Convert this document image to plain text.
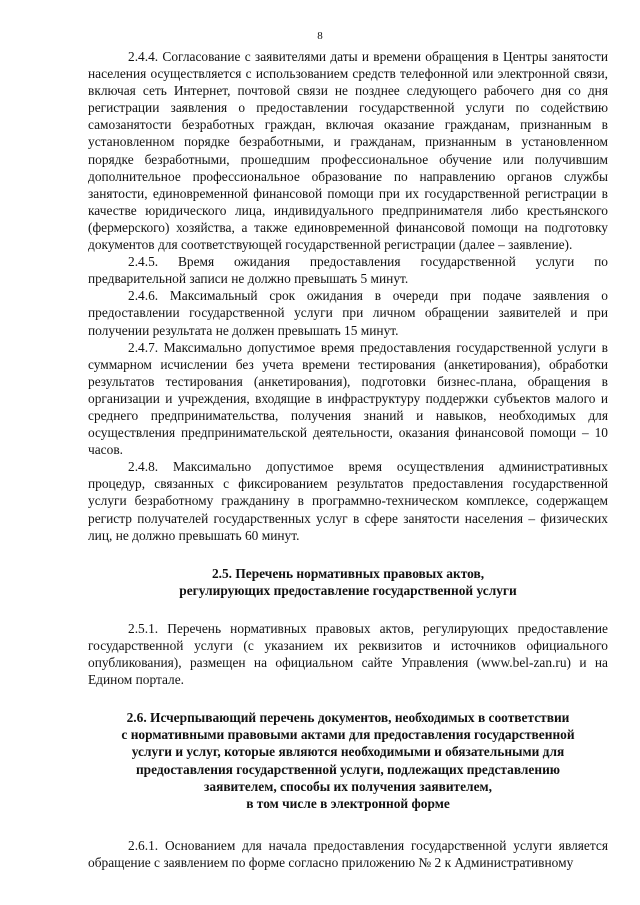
8

2.4.4. Согласование с заявителями даты и времени обращения в Центры занятости населения осуществляется с использованием средств телефонной или электронной связи, включая сеть Интернет, почтовой связи не позднее следующего рабочего дня со дня регистрации заявления о предоставлении государственной услуги по содействию самозанятости безработных граждан, включая оказание гражданам, признанным в установленном порядке безработными, и гражданам, признанным в установленном порядке безработными, прошедшим профессиональное обучение или получившим дополнительное профессиональное образование по направлению органов службы занятости, единовременной финансовой помощи при их государственной регистрации в качестве юридического лица, индивидуального предпринимателя либо крестьянского (фермерского) хозяйства, а также единовременной финансовой помощи на подготовку документов для соответствующей государственной регистрации (далее – заявление).

2.4.5. Время ожидания предоставления государственной услуги по предварительной записи не должно превышать 5 минут.

2.4.6. Максимальный срок ожидания в очереди при подаче заявления о предоставлении государственной услуги при личном обращении заявителей и при получении результата не должен превышать 15 минут.

2.4.7. Максимально допустимое время предоставления государственной услуги в суммарном исчислении без учета времени тестирования (анкетирования), обработки результатов тестирования (анкетирования), подготовки бизнес-плана, обращения в организации и учреждения, входящие в инфраструктуру поддержки субъектов малого и среднего предпринимательства, получения знаний и навыков, необходимых для осуществления предпринимательской деятельности, оказания финансовой помощи – 10 часов.

2.4.8. Максимально допустимое время осуществления административных процедур, связанных с фиксированием результатов предоставления государственной услуги безработному гражданину в программно-техническом комплексе, содержащем регистр получателей государственных услуг в сфере занятости населения – физических лиц, не должно превышать 60 минут.

2.5. Перечень нормативных правовых актов,

регулирующих предоставление государственной услуги

2.5.1. Перечень нормативных правовых актов, регулирующих предоставление государственной услуги (с указанием их реквизитов и источников официального опубликования), размещен на официальном сайте Управления (www.bel-zan.ru) и на Едином портале.

2.6. Исчерпывающий перечень документов, необходимых в соответствии

с нормативными правовыми актами для предоставления государственной

услуги и услуг, которые являются необходимыми и обязательными для

предоставления государственной услуги, подлежащих представлению

заявителем, способы их получения заявителем,

в том числе в электронной форме

2.6.1. Основанием для начала предоставления государственной услуги является обращение с заявлением по форме согласно приложению № 2 к Административному
